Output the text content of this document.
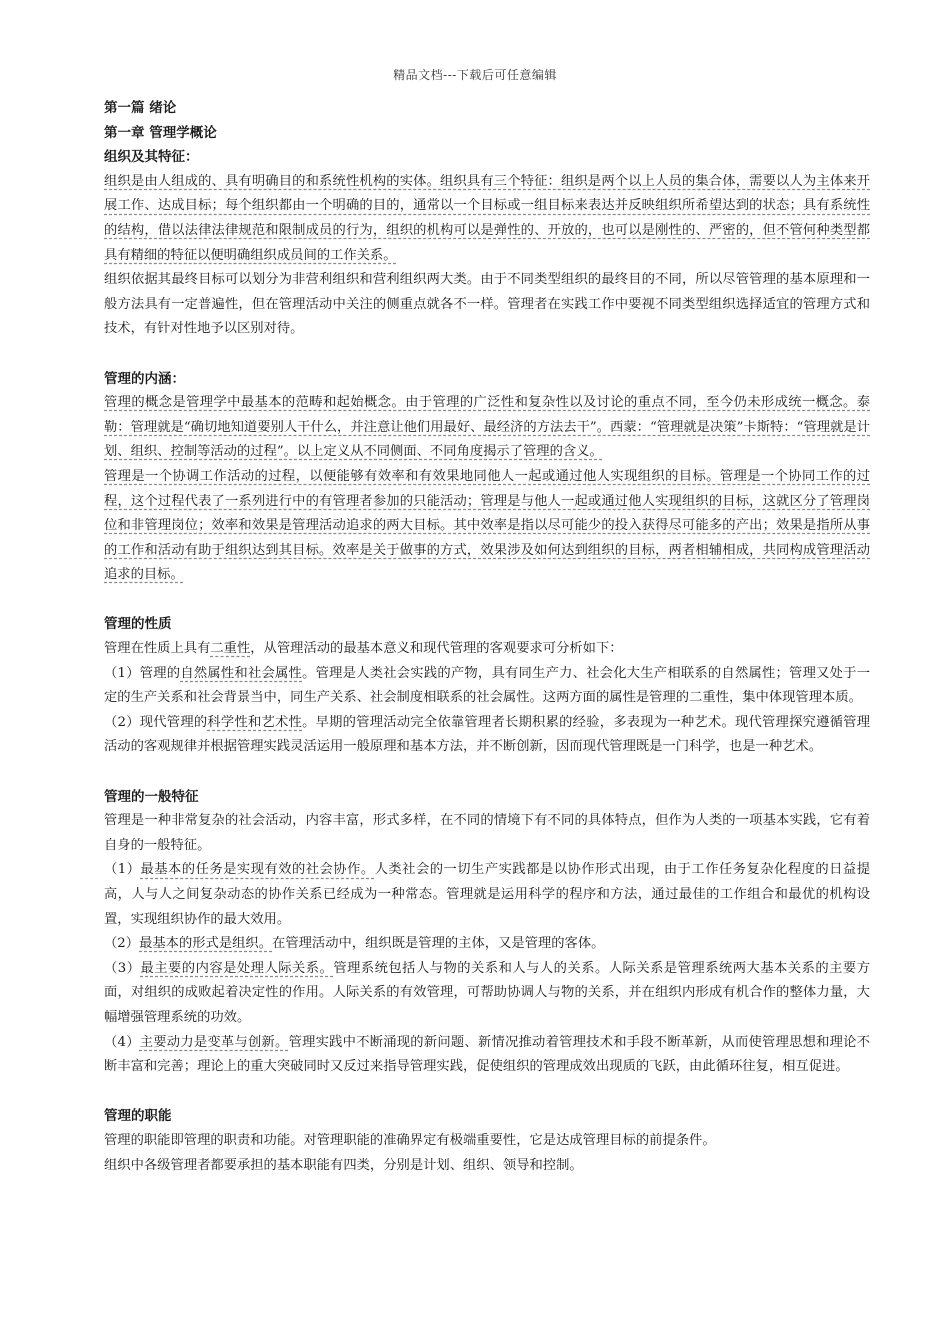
精品文档---下载后可任意编辑
第一篇 绪论
第一章 管理学概论
组织及其特征：
组织是由人组成的、具有明确目的和系统性机构的实体。组织具有三个特征：组织是两个以上人员的集合体，需要以人为主体来开展工作、达成目标；每个组织都由一个明确的目的，通常以一个目标或一组目标来表达并反映组织所希望达到的状态；具有系统性的结构，借以法律法律规范和限制成员的行为，组织的机构可以是弹性的、开放的，也可以是刚性的、严密的，但不管何种类型都具有精细的特征以便明确组织成员间的工作关系。
组织依据其最终目标可以划分为非营利组织和营利组织两大类。由于不同类型组织的最终目的不同，所以尽管管理的基本原理和一般方法具有一定普遍性，但在管理活动中关注的侧重点就各不一样。管理者在实践工作中要视不同类型组织选择适宜的管理方式和技术，有针对性地予以区别对待。
管理的内涵：
管理的概念是管理学中最基本的范畴和起始概念。由于管理的广泛性和复杂性以及讨论的重点不同，至今仍未形成统一概念。泰勒：管理就是“确切地知道要别人干什么，并注意让他们用最好、最经济的方法去干”。西蒙：“管理就是决策”卡斯特：“管理就是计划、组织、控制等活动的过程”。以上定义从不同侧面、不同角度揭示了管理的含义。
管理是一个协调工作活动的过程，以便能够有效率和有效果地同他人一起或通过他人实现组织的目标。管理是一个协同工作的过程，这个过程代表了一系列进行中的有管理者参加的只能活动；管理是与他人一起或通过他人实现组织的目标，这就区分了管理岗位和非管理岗位；效率和效果是管理活动追求的两大目标。其中效率是指以尽可能少的投入获得尽可能多的产出；效果是指所从事的工作和活动有助于组织达到其目标。效率是关于做事的方式，效果涉及如何达到组织的目标，两者相辅相成，共同构成管理活动追求的目标。
管理的性质
管理在性质上具有二重性，从管理活动的最基本意义和现代管理的客观要求可分析如下：
（1）管理的自然属性和社会属性。管理是人类社会实践的产物，具有同生产力、社会化大生产相联系的自然属性；管理又处于一定的生产关系和社会背景当中，同生产关系、社会制度相联系的社会属性。这两方面的属性是管理的二重性，集中体现管理本质。
（2）现代管理的科学性和艺术性。早期的管理活动完全依靠管理者长期积累的经验，多表现为一种艺术。现代管理探究遵循管理活动的客观规律并根据管理实践灵活运用一般原理和基本方法，并不断创新，因而现代管理既是一门科学，也是一种艺术。
管理的一般特征
管理是一种非常复杂的社会活动，内容丰富，形式多样，在不同的情境下有不同的具体特点，但作为人类的一项基本实践，它有着自身的一般特征。
（1）最基本的任务是实现有效的社会协作。人类社会的一切生产实践都是以协作形式出现，由于工作任务复杂化程度的日益提高，人与人之间复杂动态的协作关系已经成为一种常态。管理就是运用科学的程序和方法，通过最佳的工作组合和最优的机构设置，实现组织协作的最大效用。
（2）最基本的形式是组织。在管理活动中，组织既是管理的主体，又是管理的客体。
（3）最主要的内容是处理人际关系。管理系统包括人与物的关系和人与人的关系。人际关系是管理系统两大基本关系的主要方面，对组织的成败起着决定性的作用。人际关系的有效管理，可帮助协调人与物的关系，并在组织内形成有机合作的整体力量，大幅增强管理系统的功效。
（4）主要动力是变革与创新。管理实践中不断涌现的新问题、新情况推动着管理技术和手段不断革新，从而使管理思想和理论不断丰富和完善；理论上的重大突破同时又反过来指导管理实践，促使组织的管理成效出现质的飞跃，由此循环往复，相互促进。
管理的职能
管理的职能即管理的职责和功能。对管理职能的准确界定有极端重要性，它是达成管理目标的前提条件。
组织中各级管理者都要承担的基本职能有四类，分别是计划、组织、领导和控制。
